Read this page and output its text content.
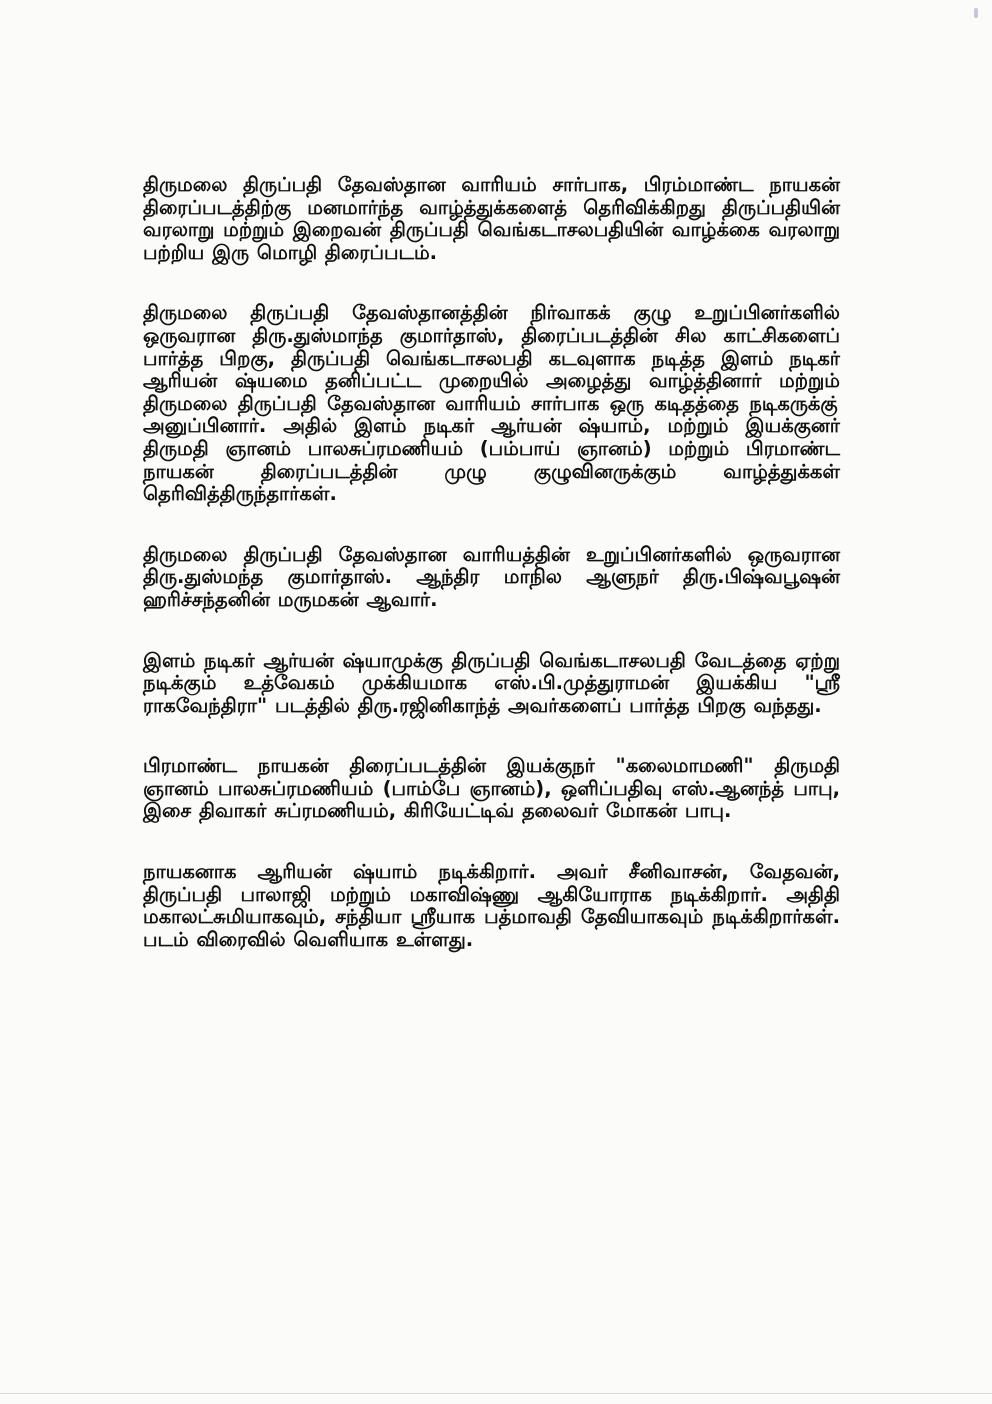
திருமலை திருப்பதி தேவஸ்தான வாரியம் சார்பாக, பிரம்மாண்ட நாயகன் திரைப்படத்திற்கு மனமார்ந்த வாழ்த்துக்களைத் தெரிவிக்கிறது திருப்பதியின் வரலாறு மற்றும் இறைவன் திருப்பதி வெங்கடாசலபதியின் வாழ்க்கை வரலாறு பற்றிய இரு மொழி திரைப்படம்.

திருமலை திருப்பதி தேவஸ்தானத்தின் நிர்வாகக் குழு உறுப்பினர்களில் ஒருவரான திரு.துஸ்மாந்த குமார்தாஸ், திரைப்படத்தின் சில காட்சிகளைப் பார்த்த பிறகு, திருப்பதி வெங்கடாசலபதி கடவுளாக நடித்த இளம் நடிகர் ஆரியன் ஷ்யமை தனிப்பட்ட முறையில் அழைத்து வாழ்த்தினார் மற்றும் திருமலை திருப்பதி தேவஸ்தான வாரியம் சார்பாக ஒரு கடிதத்தை நடிகருக்கு் அனுப்பினார். அதில் இளம் நடிகர் ஆர்யன் ஷ்யாம், மற்றும் இயக்குனர் திருமதி ஞானம் பாலசுப்ரமணியம் (பம்பாய் ஞானம்) மற்றும் பிரமாண்ட நாயகன் திரைப்படத்தின் முழு குழுவினருக்கும் வாழ்த்துக்கள் தெரிவித்திருந்தார்கள்.

திருமலை திருப்பதி தேவஸ்தான வாரியத்தின் உறுப்பினர்களில் ஒருவரான திரு.துஸ்மந்த குமார்தாஸ். ஆந்திர மாநில ஆளுநர் திரு.பிஷ்வபூஷன் ஹரிச்சந்தனின் மருமகன் ஆவார்.

இளம் நடிகர் ஆர்யன் ஷ்யாமுக்கு திருப்பதி வெங்கடாசலபதி வேடத்தை ஏற்று நடிக்கும் உத்வேகம் முக்கியமாக எஸ்.பி.முத்துராமன் இயக்கிய "ஸ்ரீ ராகவேந்திரா" படத்தில் திரு.ரஜினிகாந்த் அவர்களைப் பார்த்த பிறகு வந்தது.

பிரமாண்ட நாயகன் திரைப்படத்தின் இயக்குநர் "கலைமாமணி" திருமதி ஞானம் பாலசுப்ரமணியம் (பாம்பே ஞானம்), ஒளிப்பதிவு எஸ்.ஆனந்த் பாபு, இசை திவாகர் சுப்ரமணியம், கிரியேட்டிவ் தலைவர் மோகன் பாபு.

நாயகனாக ஆரியன் ஷ்யாம் நடிக்கிறார். அவர் சீனிவாசன், வேதவன், திருப்பதி பாலாஜி மற்றும் மகாவிஷ்ணு ஆகியோராக நடிக்கிறார். அதிதி மகாலட்சுமியாகவும், சந்தியா ஸ்ரீயாக பத்மாவதி தேவியாகவும் நடிக்கிறார்கள். படம் விரைவில் வெளியாக உள்ளது.
